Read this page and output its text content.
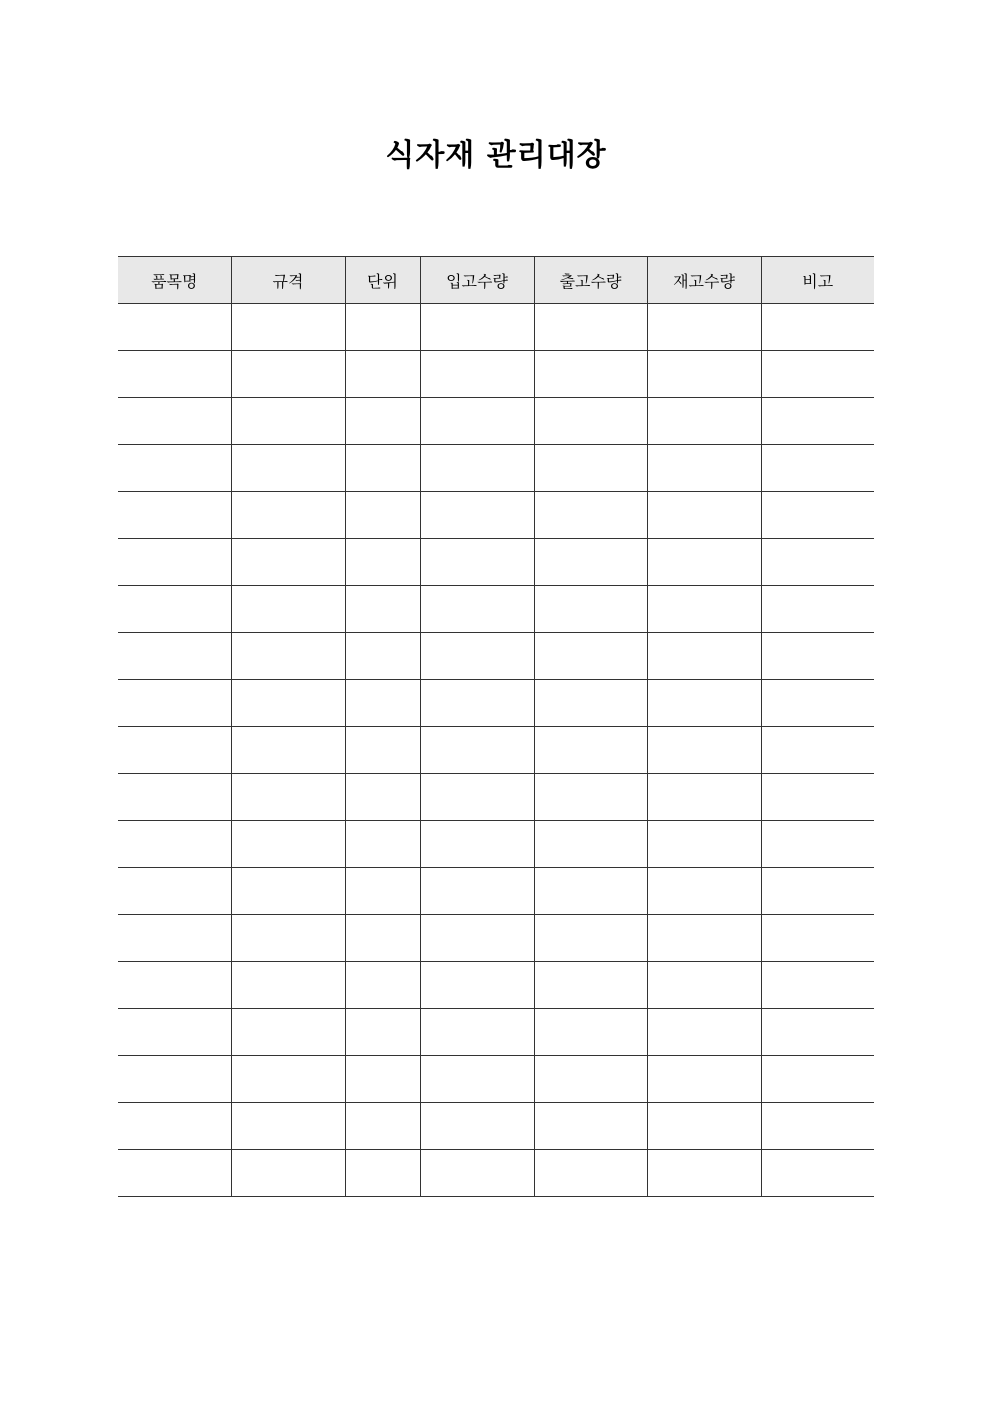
식자재 관리대장
품목명	규격	단위	입고수량	출고수량	재고수량	비고
